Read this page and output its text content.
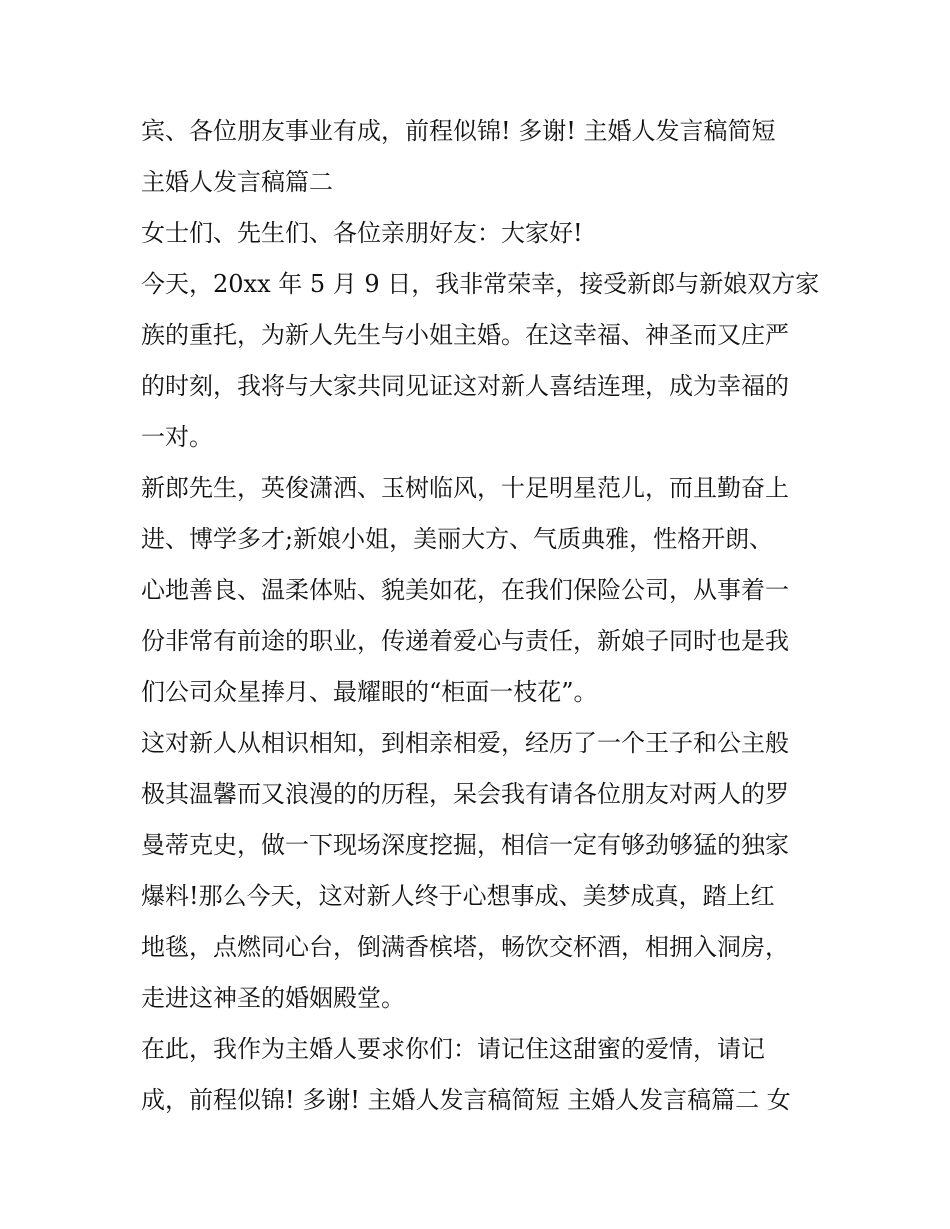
宾、各位朋友事业有成，前程似锦! 多谢! 主婚人发言稿简短
主婚人发言稿篇二
女士们、先生们、各位亲朋好友：大家好!
今天，20xx 年 5 月 9 日，我非常荣幸，接受新郎与新娘双方家
族的重托，为新人先生与小姐主婚。在这幸福、神圣而又庄严
的时刻，我将与大家共同见证这对新人喜结连理，成为幸福的
一对。
新郎先生，英俊潇洒、玉树临风，十足明星范儿，而且勤奋上
进、博学多才;新娘小姐，美丽大方、气质典雅，性格开朗、
心地善良、温柔体贴、貌美如花，在我们保险公司，从事着一
份非常有前途的职业，传递着爱心与责任，新娘子同时也是我
们公司众星捧月、最耀眼的“柜面一枝花”。
这对新人从相识相知，到相亲相爱，经历了一个王子和公主般
极其温馨而又浪漫的的历程，呆会我有请各位朋友对两人的罗
曼蒂克史，做一下现场深度挖掘，相信一定有够劲够猛的独家
爆料!那么今天，这对新人终于心想事成、美梦成真，踏上红
地毯，点燃同心台，倒满香槟塔，畅饮交杯酒，相拥入洞房，
走进这神圣的婚姻殿堂。
在此，我作为主婚人要求你们：请记住这甜蜜的爱情，请记
成，前程似锦! 多谢! 主婚人发言稿简短 主婚人发言稿篇二 女
